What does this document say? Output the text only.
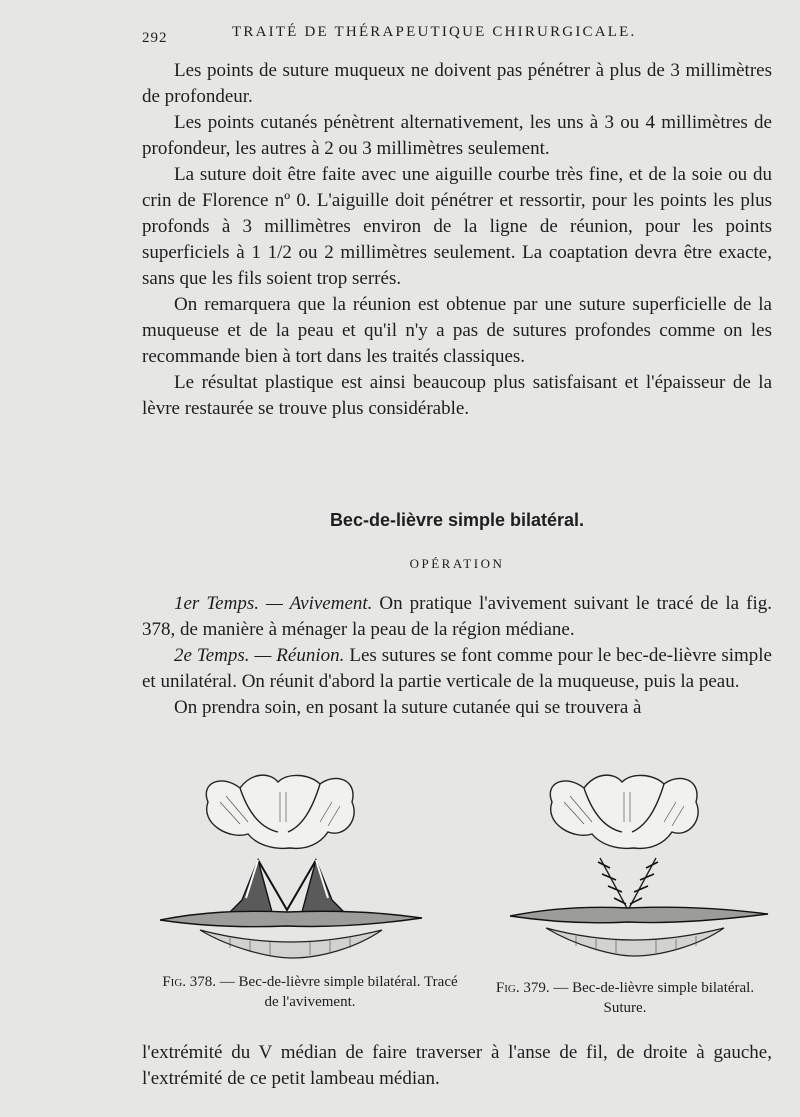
292	TRAITÉ DE THÉRAPEUTIQUE CHIRURGICALE.

Les points de suture muqueux ne doivent pas pénétrer à plus de 3 millimètres de profondeur.

Les points cutanés pénètrent alternativement, les uns à 3 ou 4 millimètres de profondeur, les autres à 2 ou 3 millimètres seulement.

La suture doit être faite avec une aiguille courbe très fine, et de la soie ou du crin de Florence nº 0. L'aiguille doit pénétrer et ressortir, pour les points les plus profonds à 3 millimètres environ de la ligne de réunion, pour les points superficiels à 1 1/2 ou 2 millimètres seulement. La coaptation devra être exacte, sans que les fils soient trop serrés.

On remarquera que la réunion est obtenue par une suture superficielle de la muqueuse et de la peau et qu'il n'y a pas de sutures profondes comme on les recommande bien à tort dans les traités classiques.

Le résultat plastique est ainsi beaucoup plus satisfaisant et l'épaisseur de la lèvre restaurée se trouve plus considérable.

Bec-de-lièvre simple bilatéral.
OPÉRATION

1er Temps. — Avivement. On pratique l'avivement suivant le tracé de la fig. 378, de manière à ménager la peau de la région médiane.

2e Temps. — Réunion. Les sutures se font comme pour le bec-de-lièvre simple et unilatéral. On réunit d'abord la partie verticale de la muqueuse, puis la peau.

On prendra soin, en posant la suture cutanée qui se trouvera à

Fig. 378. — Bec-de-lièvre simple bilatéral. Tracé de l'avivement.
Fig. 379. — Bec-de-lièvre simple bilatéral. Suture.

l'extrémité du V médian de faire traverser à l'anse de fil, de droite à gauche, l'extrémité de ce petit lambeau médian.
